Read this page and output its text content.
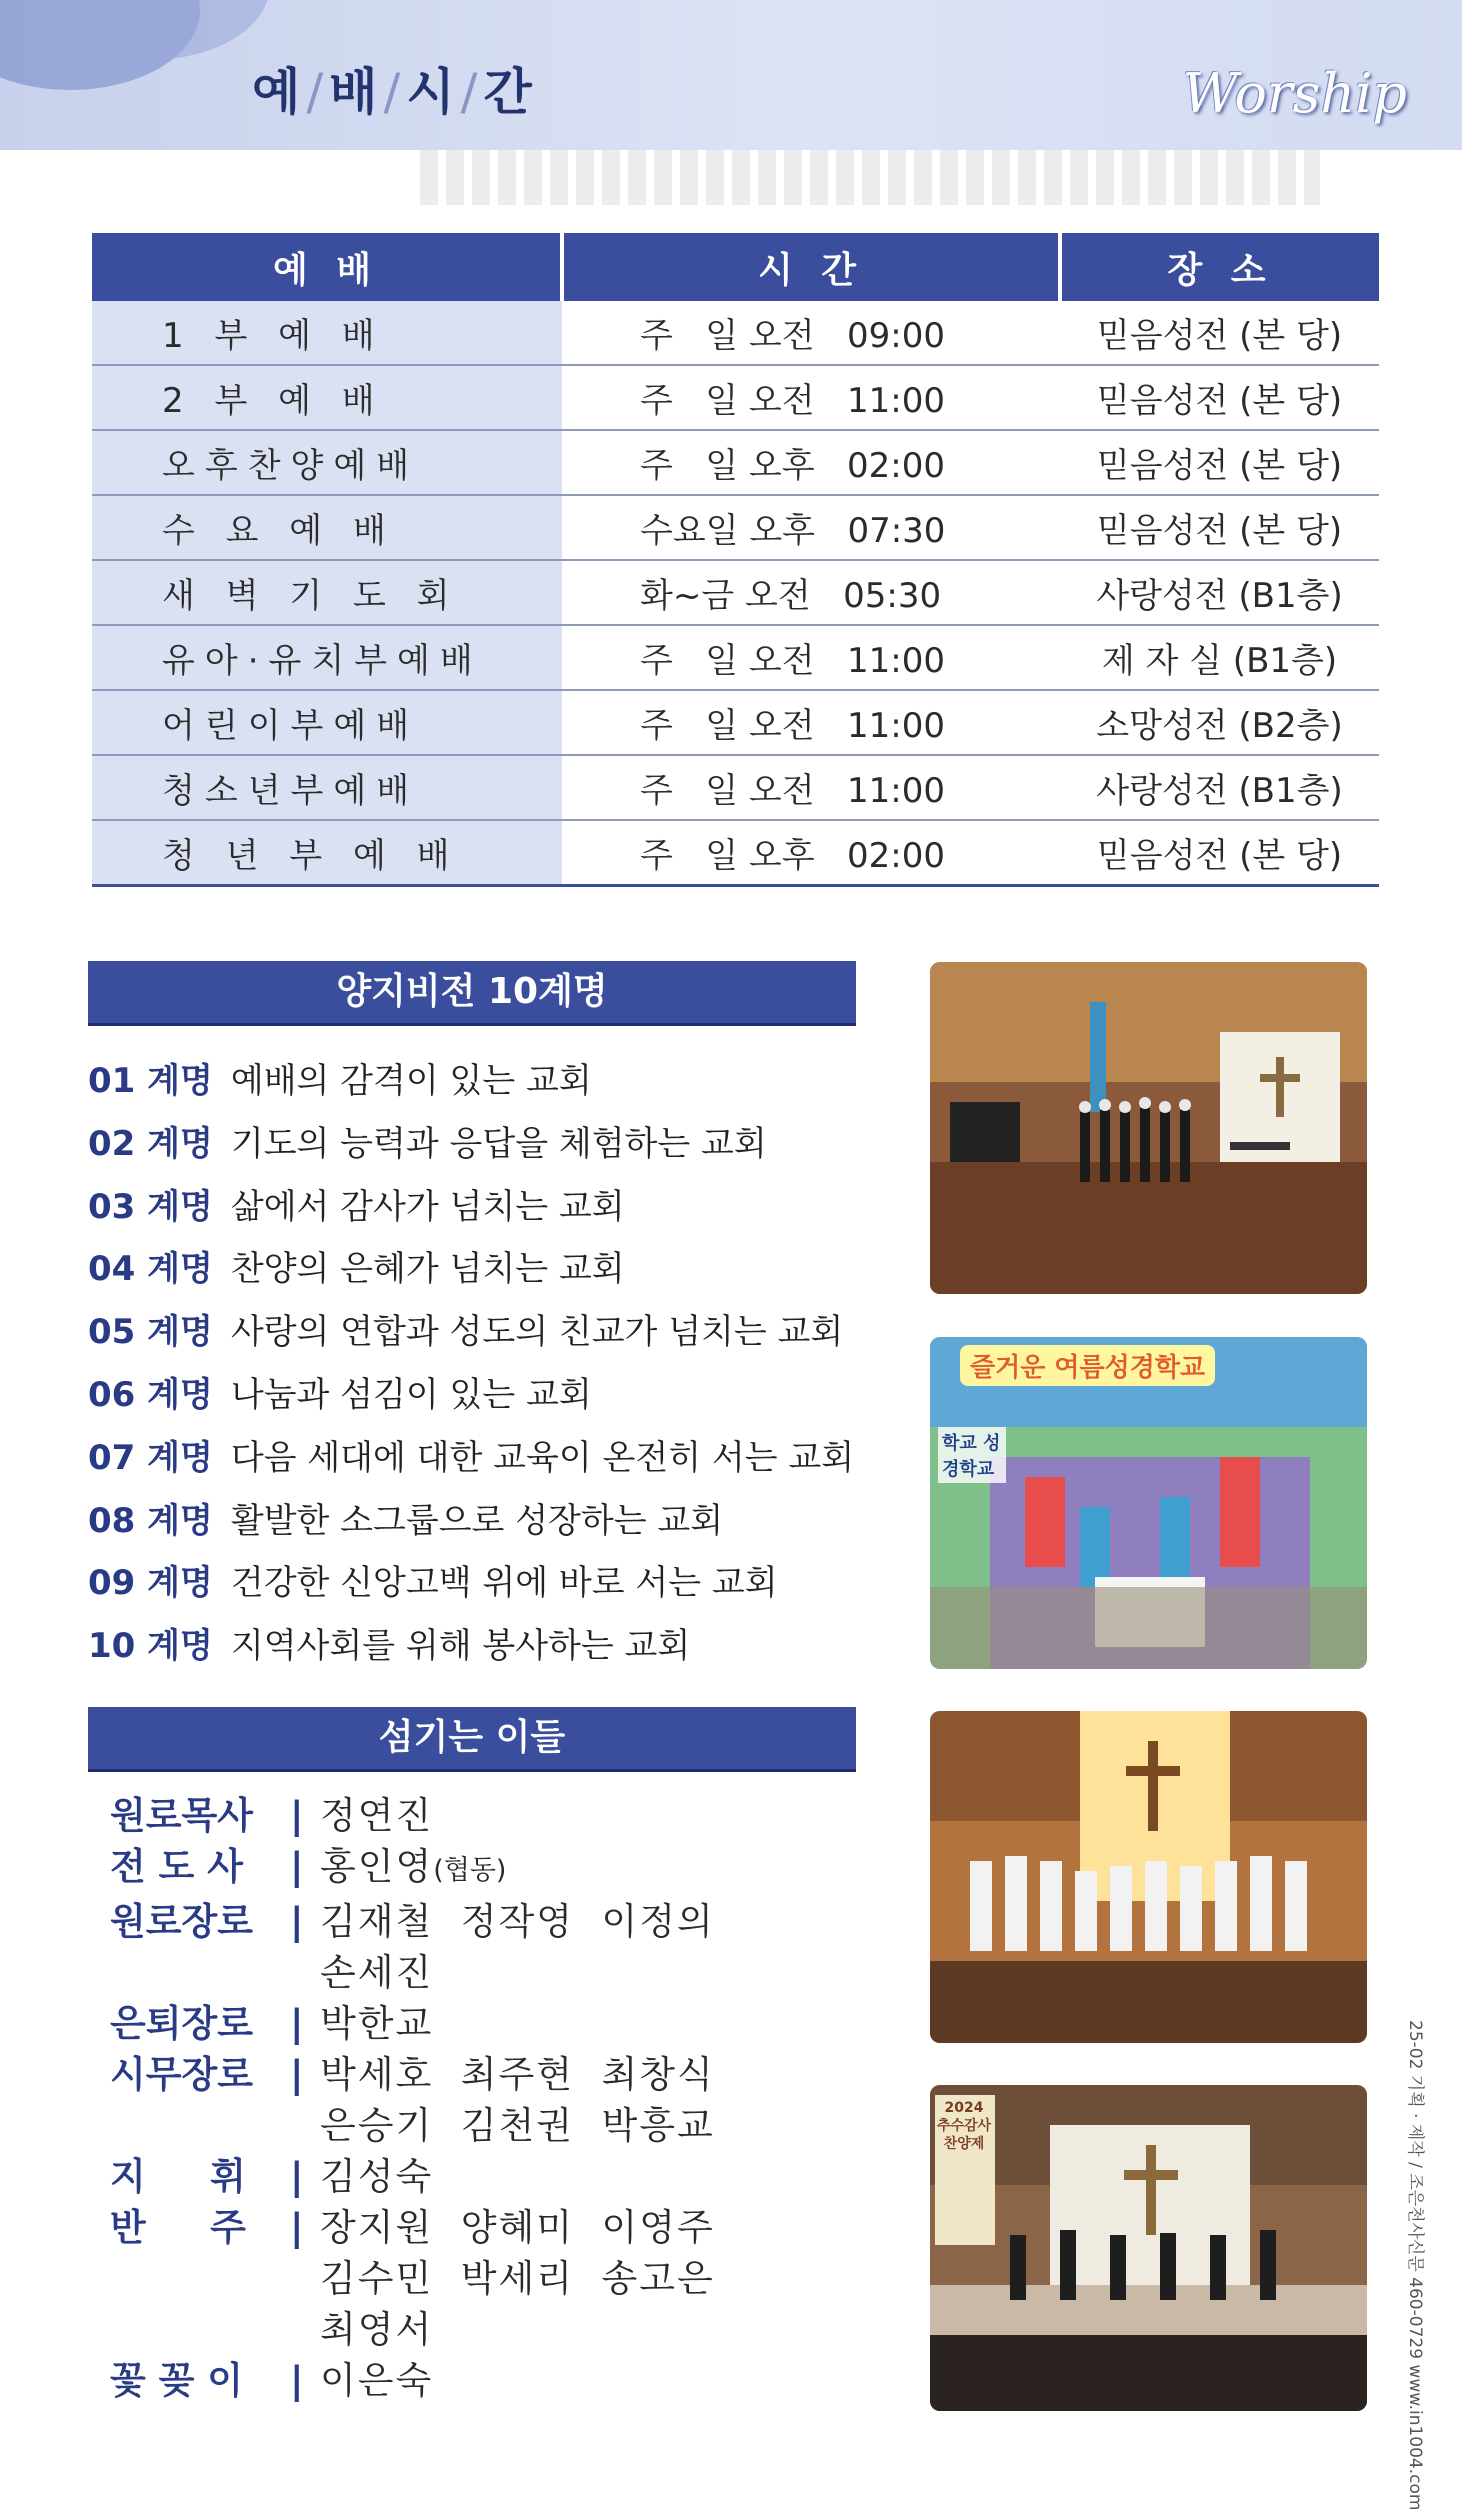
예/배/시/간	Worship
예 배	시 간	장 소
1 부 예 배	주   일 오전   09:00	믿음성전 (본 당)
2 부 예 배	주   일 오전   11:00	믿음성전 (본 당)
오후찬양예배	주   일 오후   02:00	믿음성전 (본 당)
수 요 예 배	수요일 오후   07:30	믿음성전 (본 당)
새 벽 기 도 회	화~금 오전   05:30	사랑성전 (B1층)
유아·유치부예배	주   일 오전   11:00	제 자 실 (B1층)
어린이부예배	주   일 오전   11:00	소망성전 (B2층)
청소년부예배	주   일 오전   11:00	사랑성전 (B1층)
청 년 부 예 배	주   일 오후   02:00	믿음성전 (본 당)
양지비전 10계명
01 계명 예배의 감격이 있는 교회
02 계명 기도의 능력과 응답을 체험하는 교회
03 계명 삶에서 감사가 넘치는 교회
04 계명 찬양의 은혜가 넘치는 교회
05 계명 사랑의 연합과 성도의 친교가 넘치는 교회
06 계명 나눔과 섬김이 있는 교회
07 계명 다음 세대에 대한 교육이 온전히 서는 교회
08 계명 활발한 소그룹으로 성장하는 교회
09 계명 건강한 신앙고백 위에 바로 서는 교회
10 계명 지역사회를 위해 봉사하는 교회
섬기는 이들
원로목사	| 정연진
전 도 사	| 홍인영(협동)
원로장로	| 김재철  정작영  이정의
손세진
은퇴장로	| 박한교
시무장로	| 박세호  최주현  최창식
은승기  김천권  박흥교
지     휘	| 김성숙
반     주	| 장지원  양혜미  이영주
김수민  박세리  송고은
최영서
꽃 꽂 이	| 이은숙
즐거운 여름성경학교
학교 성경학교
2024 추수감사 찬양제	25-02 기획 · 제작 / 조은천사신문 460-0729 www.in1004.com
